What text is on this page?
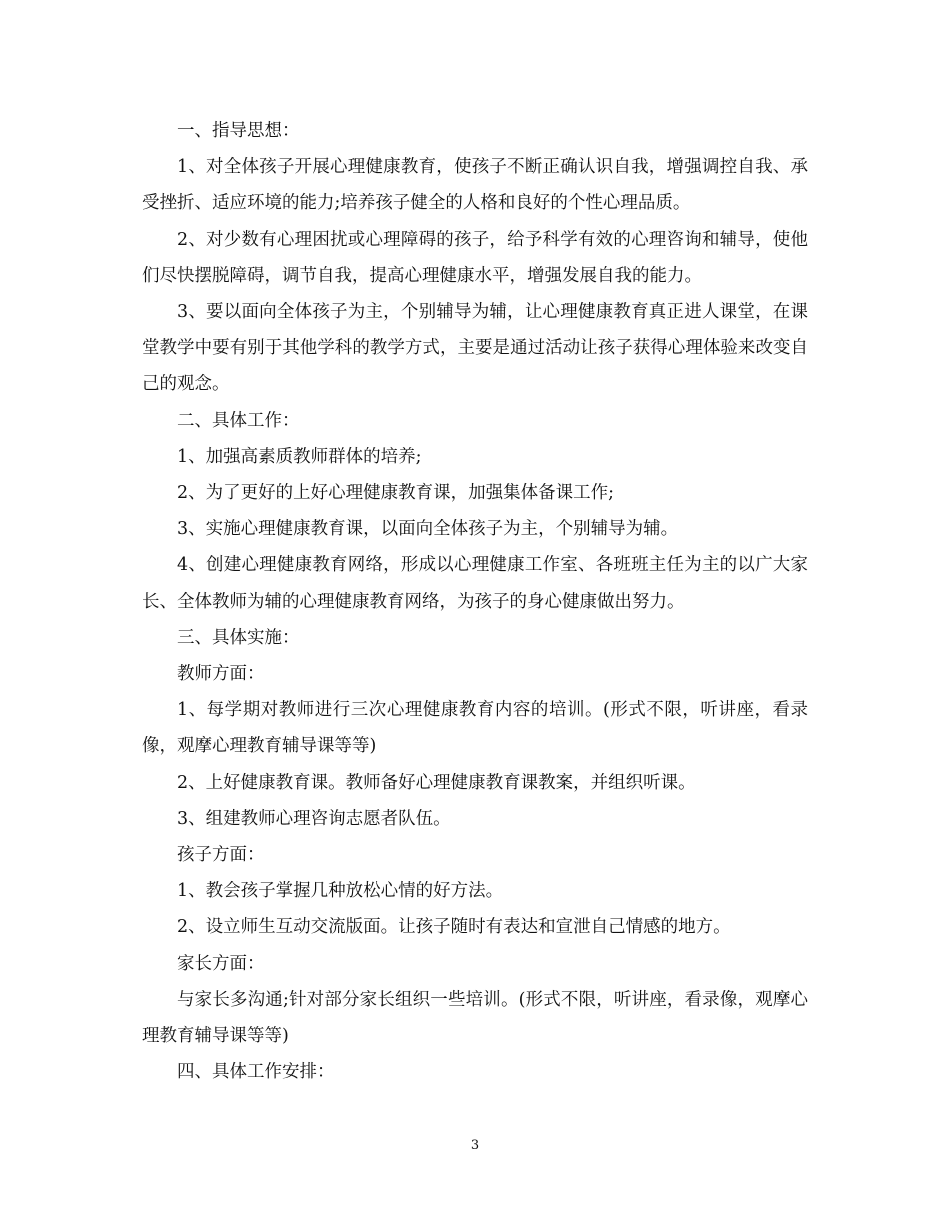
一、指导思想：

1、对全体孩子开展心理健康教育，使孩子不断正确认识自我，增强调控自我、承受挫折、适应环境的能力;培养孩子健全的人格和良好的个性心理品质。

2、对少数有心理困扰或心理障碍的孩子，给予科学有效的心理咨询和辅导，使他们尽快摆脱障碍，调节自我，提高心理健康水平，增强发展自我的能力。

3、要以面向全体孩子为主，个别辅导为辅，让心理健康教育真正进人课堂，在课堂教学中要有别于其他学科的教学方式，主要是通过活动让孩子获得心理体验来改变自己的观念。

二、具体工作：

1、加强高素质教师群体的培养;

2、为了更好的上好心理健康教育课，加强集体备课工作;

3、实施心理健康教育课，以面向全体孩子为主，个别辅导为辅。

4、创建心理健康教育网络，形成以心理健康工作室、各班班主任为主的以广大家长、全体教师为辅的心理健康教育网络，为孩子的身心健康做出努力。

三、具体实施：

教师方面：

1、每学期对教师进行三次心理健康教育内容的培训。(形式不限，听讲座，看录像，观摩心理教育辅导课等等)

2、上好健康教育课。教师备好心理健康教育课教案，并组织听课。

3、组建教师心理咨询志愿者队伍。

孩子方面：

1、教会孩子掌握几种放松心情的好方法。

2、设立师生互动交流版面。让孩子随时有表达和宣泄自己情感的地方。

家长方面：

与家长多沟通;针对部分家长组织一些培训。(形式不限，听讲座，看录像，观摩心理教育辅导课等等)

四、具体工作安排：

3
